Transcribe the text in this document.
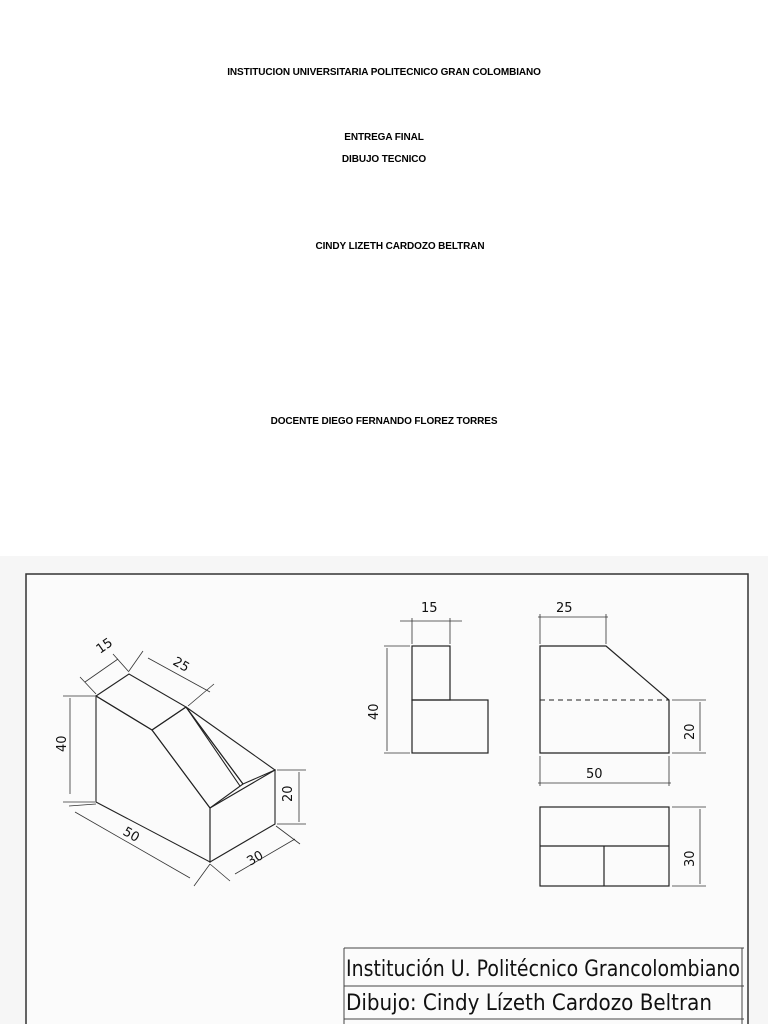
INSTITUCION UNIVERSITARIA POLITECNICO GRAN COLOMBIANO
ENTREGA FINAL
DIBUJO TECNICO
CINDY LIZETH CARDOZO BELTRAN
DOCENTE DIEGO FERNANDO FLOREZ TORRES
15
25
40
20
50
30
15
40
25
50
20
30
Institución U. Politécnico Grancolombiano
Dibujo: Cindy Lízeth Cardozo Beltran
